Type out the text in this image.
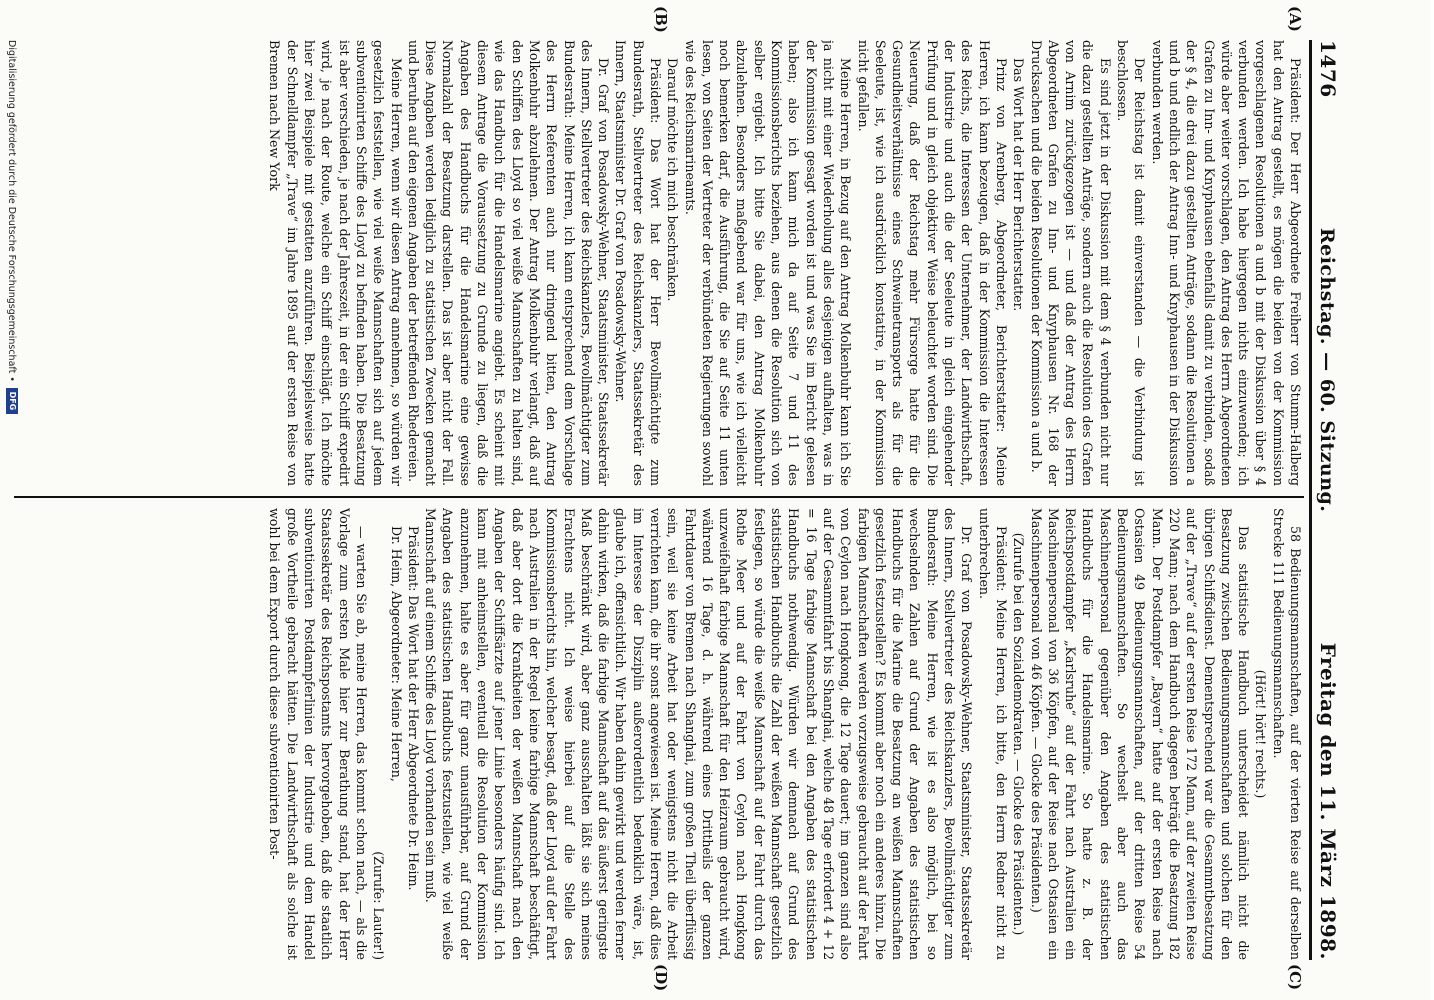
1476
Reichstag. — 60. Sitzung.
Freitag den 11. März 1898.
(A)
(B)
(C)
(D)

Präsident: Der Herr Abgeordnete Freiherr von Stumm-Halberg hat den Antrag gestellt, es mögen die beiden von der Kommission vorgeschlagenen Resolutionen a und b mit der Diskussion über § 4 verbunden werden. Ich habe hiergegen nichts einzuwenden; ich würde aber weiter vorschlagen, den Antrag des Herrn Abgeordneten Grafen zu Inn- und Knyphausen ebenfalls damit zu verbinden, sodaß der § 4, die drei dazu gestellten Anträge, sodann die Resolutionen a und b und endlich der Antrag Inn- und Knyphausen in der Diskussion verbunden werden.

Der Reichstag ist damit einverstanden — die Verbindung ist beschlossen.

Es sind jetzt in der Diskussion mit dem § 4 verbunden nicht nur die dazu gestellten Anträge, sondern auch die Resolution des Grafen von Arnim zurückgezogen ist — und daß der Antrag des Herrn Abgeordneten Grafen zu Inn- und Knyphausen Nr. 168 der Drucksachen und die beiden Resolutionen der Kommission a und b.

Das Wort hat der Herr Berichterstatter.

Prinz von Arenberg, Abgeordneter, Berichterstatter: Meine Herren, ich kann bezeugen, daß in der Kommission die Interessen des Reichs, die Interessen der Unternehmer, der Landwirthschaft, der Industrie und auch die der Seeleute in gleich eingehender Prüfung und in gleich objektiver Weise beleuchtet worden sind. Die Neuerung, daß der Reichstag mehr Fürsorge hatte für die Gesundheitsverhältnisse eines Schweinetransports als für die Seeleute, ist, wie ich ausdrücklich konstatire, in der Kommission nicht gefallen.

Meine Herren, in Bezug auf den Antrag Molkenbuhr kann ich Sie ja nicht mit einer Wiederholung alles desjenigen aufhalten, was in der Kommission gesagt worden ist und was Sie im Bericht gelesen haben; also ich kann mich da auf Seite 7 und 11 des Kommissionsberichts beziehen, aus denen die Resolution sich von selber ergiebt. Ich bitte Sie dabei, den Antrag Molkenbuhr abzulehnen. Besonders maßgebend war für uns, wie ich vielleicht noch bemerken darf, die Ausführung, die Sie auf Seite 11 unten lesen, von Seiten der Vertreter der verbündeten Regierungen sowohl wie des Reichsmarineamts.

Darauf möchte ich mich beschränken.

Präsident: Das Wort hat der Herr Bevollmächtigte zum Bundesrath, Stellvertreter des Reichskanzlers, Staatssekretär des Innern, Staatsminister Dr. Graf von Posadowsky-Wehner.

Dr. Graf von Posadowsky-Wehner, Staatsminister, Staatssekretär des Innern, Stellvertreter des Reichskanzlers, Bevollmächtigter zum Bundesrath: Meine Herren, ich kann entsprechend dem Vorschlage des Herrn Referenten auch nur dringend bitten, den Antrag Molkenbuhr abzulehnen. Der Antrag Molkenbuhr verlangt, daß auf den Schiffen des Lloyd so viel weiße Mannschaften zu halten sind, wie das Handbuch für die Handelsmarine angiebt. Es scheint mit diesem Antrage die Voraussetzung zu Grunde zu liegen, daß die Angaben des Handbuchs für die Handelsmarine eine gewisse Normalzahl der Besatzung darstellen. Das ist aber nicht der Fall. Diese Angaben werden lediglich zu statistischen Zwecken gemacht und beruhen auf den eigenen Angaben der betreffenden Rhedereien.

Meine Herren, wenn wir diesen Antrag annehmen, so würden wir gesetzlich feststellen, wie viel weiße Mannschaften sich auf jedem subventionirten Schiffe des Lloyd zu befinden haben. Die Besatzung ist aber verschieden, je nach der Jahreszeit, in der ein Schiff expedirt wird, je nach der Route, welche ein Schiff einschlägt. Ich möchte hier zwei Beispiele mit gestatten anzuführen. Beispielsweise hatte der Schnelldampfer „Trave“ im Jahre 1895 auf der ersten Reise von Bremen nach New York

58 Bedienungsmannschaften, auf der vierten Reise auf derselben Strecke 111 Bedienungsmannschaften.

(Hört! hört! rechts.)

Das statistische Handbuch unterscheidet nämlich nicht die Besatzung zwischen Bedienungsmannschaften und solchen für den übrigen Schiffsdienst. Dementsprechend war die Gesammtbesatzung auf der „Trave“ auf der ersten Reise 172 Mann, auf der zweiten Reise 220 Mann; nach dem Handbuch dagegen beträgt die Besatzung 182 Mann. Der Postdampfer „Bayern“ hatte auf der ersten Reise nach Ostasien 49 Bedienungsmannschaften, auf der dritten Reise 54 Bedienungsmannschaften. So wechselt aber auch das Maschinenpersonal gegenüber den Angaben des statistischen Handbuchs für die Handelsmarine. So hatte z. B. der Reichspostdampfer „Karlsruhe“ auf der Fahrt nach Australien ein Maschinenpersonal von 36 Köpfen, auf der Reise nach Ostasien ein Maschinenpersonal von 46 Köpfen. — Glocke des Präsidenten.)

(Zurufe bei den Sozialdemokraten. — Glocke des Präsidenten.)

Präsident: Meine Herren, ich bitte, den Herrn Redner nicht zu unterbrechen.

Dr. Graf von Posadowsky-Wehner, Staatsminister, Staatssekretär des Innern, Stellvertreter des Reichskanzlers, Bevollmächtigter zum Bundesrath: Meine Herren, wie ist es also möglich, bei so wechselnden Zahlen auf Grund der Angaben des statistischen Handbuchs für die Marine die Besatzung an weißen Mannschaften gesetzlich festzustellen? Es kommt aber noch ein anderes hinzu. Die farbigen Mannschaften werden vorzugsweise gebraucht auf der Fahrt von Ceylon nach Hongkong, die 12 Tage dauert; im ganzen sind also auf der Gesammtfahrt bis Shanghai, welche 48 Tage erfordert 4 + 12 = 16 Tage farbige Mannschaft bei den Angaben des statistischen Handbuchs nothwendig. Würden wir demnach auf Grund des statistischen Handbuchs die Zahl der weißen Mannschaft gesetzlich festlegen, so würde die weiße Mannschaft auf der Fahrt durch das Rothe Meer und auf der Fahrt von Ceylon nach Hongkong unzweifelhaft farbige Mannschaft für den Heizraum gebraucht wird, während 16 Tage, d. h. während eines Drittheils der ganzen Fahrtdauer von Bremen nach Shanghai, zum großen Theil überflüssig sein, weil sie keine Arbeit hat oder wenigstens nicht die Arbeit verrichten kann, die ihr sonst angewiesen ist. Meine Herren, daß dies im Interesse der Disziplin außerordentlich bedenklich wäre, ist, glaube ich, offensichtlich. Wir haben dahin gewirkt und werden ferner dahin wirken, daß die farbige Mannschaft auf das äußerst geringste Maß beschränkt wird, aber ganz ausschalten läßt sie sich meines Erachtens nicht. Ich weise hierbei auf die Stelle des Kommissionsberichts hin, welcher besagt, daß der Lloyd auf der Fahrt nach Australien in der Regel keine farbige Mannschaft beschäftigt, daß aber dort die Krankheiten der weißen Mannschaft nach den Angaben der Schiffsärzte auf jener Linie besonders häufig sind. Ich kann mit anheimstellen, eventuell die Resolution der Kommission anzunehmen, halte es aber für ganz unausführbar, auf Grund der Angaben des statistischen Handbuchs festzustellen, wie viel weiße Mannschaft auf einem Schiffe des Lloyd vorhanden sein muß.

Präsident: Das Wort hat der Herr Abgeordnete Dr. Heim.

Dr. Heim, Abgeordneter: Meine Herren,

(Zurufe: Lauter!)

— warten Sie ab, meine Herren, das kommt schon nach, — als die Vorlage zum ersten Male hier zur Berathung stand, hat der Herr Staatssekretär des Reichspostamts hervorgehoben, daß die staatlich subventionirten Postdampferlinien der Industrie und dem Handel große Vortheile gebracht hätten. Die Landwirthschaft als solche ist wohl bei dem Export durch diese subventionirten Post-

Digitalisierung gefördert durch die Deutsche Forschungsgemeinschaft •
DFG
